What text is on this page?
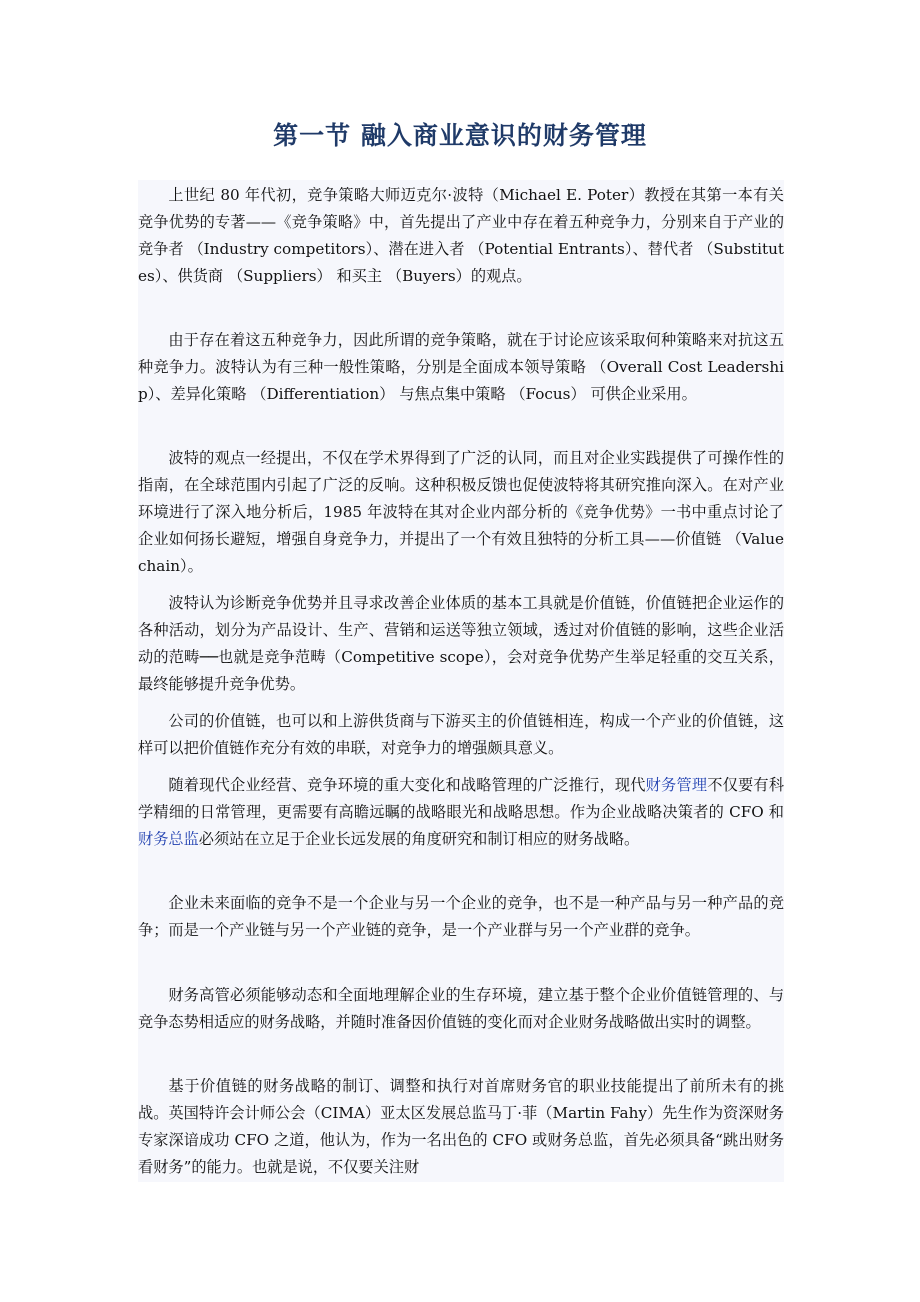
第一节 融入商业意识的财务管理

上世纪 80 年代初，竞争策略大师迈克尔·波特（Michael E. Poter）教授在其第一本有关竞争优势的专著——《竞争策略》中，首先提出了产业中存在着五种竞争力，分别来自于产业的竞争者 （Industry competitors）、潜在进入者 （Potential Entrants）、替代者 （Substitutes）、供货商 （Suppliers） 和买主 （Buyers）的观点。

由于存在着这五种竞争力，因此所谓的竞争策略，就在于讨论应该采取何种策略来对抗这五种竞争力。波特认为有三种一般性策略，分别是全面成本领导策略 （Overall Cost Leadership）、差异化策略 （Differentiation） 与焦点集中策略 （Focus） 可供企业采用。

波特的观点一经提出，不仅在学术界得到了广泛的认同，而且对企业实践提供了可操作性的指南，在全球范围内引起了广泛的反响。这种积极反馈也促使波特将其研究推向深入。在对产业环境进行了深入地分析后，1985 年波特在其对企业内部分析的《竞争优势》一书中重点讨论了企业如何扬长避短，增强自身竞争力，并提出了一个有效且独特的分析工具——价值链 （Value chain）。

波特认为诊断竞争优势并且寻求改善企业体质的基本工具就是价值链，价值链把企业运作的各种活动，划分为产品设计、生产、营销和运送等独立领域，透过对价值链的影响，这些企业活动的范畴──也就是竞争范畴（Competitive scope），会对竞争优势产生举足轻重的交互关系，最终能够提升竞争优势。

公司的价值链，也可以和上游供货商与下游买主的价值链相连，构成一个产业的价值链，这样可以把价值链作充分有效的串联，对竞争力的增强颇具意义。

随着现代企业经营、竞争环境的重大变化和战略管理的广泛推行，现代财务管理不仅要有科学精细的日常管理，更需要有高瞻远瞩的战略眼光和战略思想。作为企业战略决策者的 CFO 和财务总监必须站在立足于企业长远发展的角度研究和制订相应的财务战略。

企业未来面临的竞争不是一个企业与另一个企业的竞争，也不是一种产品与另一种产品的竞争；而是一个产业链与另一个产业链的竞争，是一个产业群与另一个产业群的竞争。

财务高管必须能够动态和全面地理解企业的生存环境，建立基于整个企业价值链管理的、与竞争态势相适应的财务战略，并随时准备因价值链的变化而对企业财务战略做出实时的调整。

基于价值链的财务战略的制订、调整和执行对首席财务官的职业技能提出了前所未有的挑战。英国特许会计师公会（CIMA）亚太区发展总监马丁·菲（Martin Fahy）先生作为资深财务专家深谙成功 CFO 之道，他认为，作为一名出色的 CFO 或财务总监，首先必须具备“跳出财务看财务”的能力。也就是说，不仅要关注财
